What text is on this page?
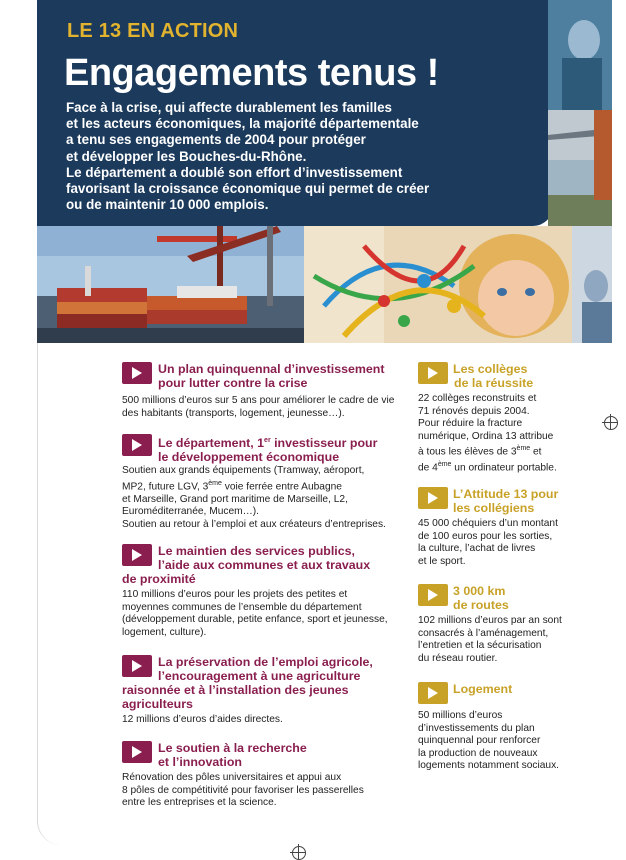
LE 13 EN ACTION
Engagements tenus !
Face à la crise, qui affecte durablement les familles
et les acteurs économiques, la majorité départementale
a tenu ses engagements de 2004 pour protéger
et développer les Bouches-du-Rhône.
Le département a doublé son effort d’investissement
favorisant la croissance économique qui permet de créer
ou de maintenir 10 000 emplois.
Un plan quinquennal d’investissement
pour lutter contre la crise
500 millions d’euros sur 5 ans pour améliorer le cadre de vie
des habitants (transports, logement, jeunesse…).
Le département, 1er investisseur pour
le développement économique
Soutien aux grands équipements (Tramway, aéroport,
MP2, future LGV, 3ème voie ferrée entre Aubagne
et Marseille, Grand port maritime de Marseille, L2,
Euroméditerranée, Mucem…).
Soutien au retour à l’emploi et aux créateurs d’entreprises.
Le maintien des services publics,
l’aide aux communes et aux travaux
de proximité
110 millions d’euros pour les projets des petites et
moyennes communes de l’ensemble du département
(développement durable, petite enfance, sport et jeunesse,
logement, culture).
La préservation de l’emploi agricole,
l’encouragement à une agriculture
raisonnée et à l’installation des jeunes
agriculteurs
12 millions d’euros d’aides directes.
Le soutien à la recherche
et l’innovation
Rénovation des pôles universitaires et appui aux
8 pôles de compétitivité pour favoriser les passerelles
entre les entreprises et la science.
Les collèges
de la réussite
22 collèges reconstruits et
71 rénovés depuis 2004.
Pour réduire la fracture
numérique, Ordina 13 attribue
à tous les élèves de 3ème et
de 4ème un ordinateur portable.
L’Attitude 13 pour
les collégiens
45 000 chéquiers d’un montant
de 100 euros pour les sorties,
la culture, l’achat de livres
et le sport.
3 000 km
de routes
102 millions d’euros par an sont
consacrés à l’aménagement,
l’entretien et la sécurisation
du réseau routier.
Logement
50 millions d’euros
d’investissements du plan
quinquennal pour renforcer
la production de nouveaux
logements notamment sociaux.
